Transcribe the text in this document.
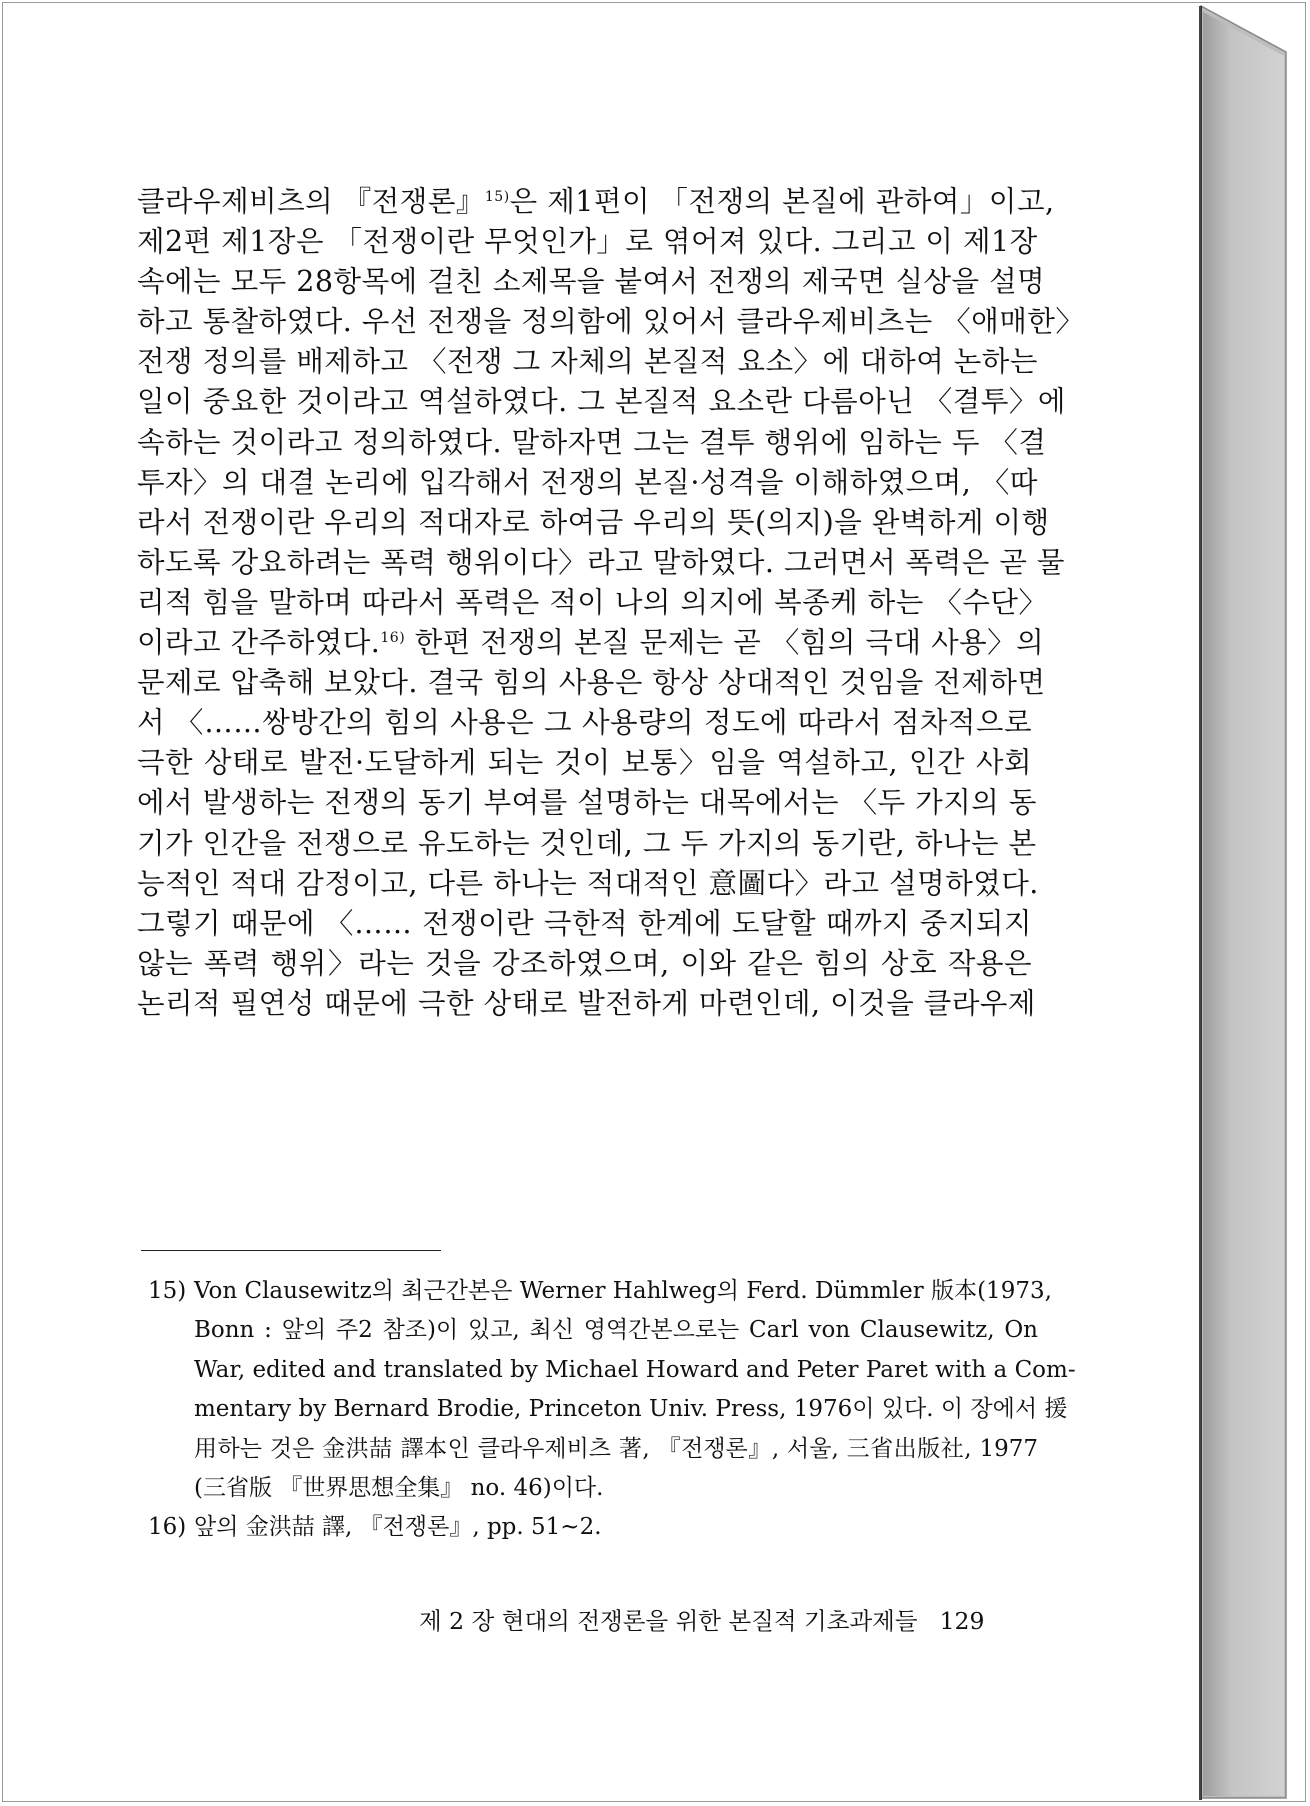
클라우제비츠의 『전쟁론』$^{15)}$은 제1편이 「전쟁의 본질에 관하여」이고,
제2편 제1장은 「전쟁이란 무엇인가」로 엮어져 있다. 그리고 이 제1장
속에는 모두 28항목에 걸친 소제목을 붙여서 전쟁의 제국면 실상을 설명
하고 통찰하였다. 우선 전쟁을 정의함에 있어서 클라우제비츠는 〈애매한〉
전쟁 정의를 배제하고 〈전쟁 그 자체의 본질적 요소〉에 대하여 논하는
일이 중요한 것이라고 역설하였다. 그 본질적 요소란 다름아닌 〈결투〉에
속하는 것이라고 정의하였다. 말하자면 그는 결투 행위에 임하는 두 〈결
투자〉의 대결 논리에 입각해서 전쟁의 본질·성격을 이해하였으며, 〈따
라서 전쟁이란 우리의 적대자로 하여금 우리의 뜻(의지)을 완벽하게 이행
하도록 강요하려는 폭력 행위이다〉라고 말하였다. 그러면서 폭력은 곧 물
리적 힘을 말하며 따라서 폭력은 적이 나의 의지에 복종케 하는 〈수단〉
이라고 간주하였다.$^{16)}$ 한편 전쟁의 본질 문제는 곧 〈힘의 극대 사용〉의
문제로 압축해 보았다. 결국 힘의 사용은 항상 상대적인 것임을 전제하면
서 〈……쌍방간의 힘의 사용은 그 사용량의 정도에 따라서 점차적으로
극한 상태로 발전·도달하게 되는 것이 보통〉임을 역설하고, 인간 사회
에서 발생하는 전쟁의 동기 부여를 설명하는 대목에서는 〈두 가지의 동
기가 인간을 전쟁으로 유도하는 것인데, 그 두 가지의 동기란, 하나는 본
능적인 적대 감정이고, 다른 하나는 적대적인 意圖다〉라고 설명하였다.
그렇기 때문에 〈…… 전쟁이란 극한적 한계에 도달할 때까지 중지되지
않는 폭력 행위〉라는 것을 강조하였으며, 이와 같은 힘의 상호 작용은
논리적 필연성 때문에 극한 상태로 발전하게 마련인데, 이것을 클라우제
15) Von Clausewitz의 최근간본은 Werner Hahlweg의 Ferd. Dümmler 版本(1973,
Bonn : 앞의 주2 참조)이 있고, 최신 영역간본으로는 Carl von Clausewitz, On
War, edited and translated by Michael Howard and Peter Paret with a Com-
mentary by Bernard Brodie, Princeton Univ. Press, 1976이 있다. 이 장에서 援
用하는 것은 金洪喆 譯本인 클라우제비츠 著, 『전쟁론』, 서울, 三省出版社, 1977
(三省版 『世界思想全集』 no. 46)이다.
16) 앞의 金洪喆 譯, 『전쟁론』, pp. 51~2.
제 2 장 현대의 전쟁론을 위한 본질적 기초과제들 129
